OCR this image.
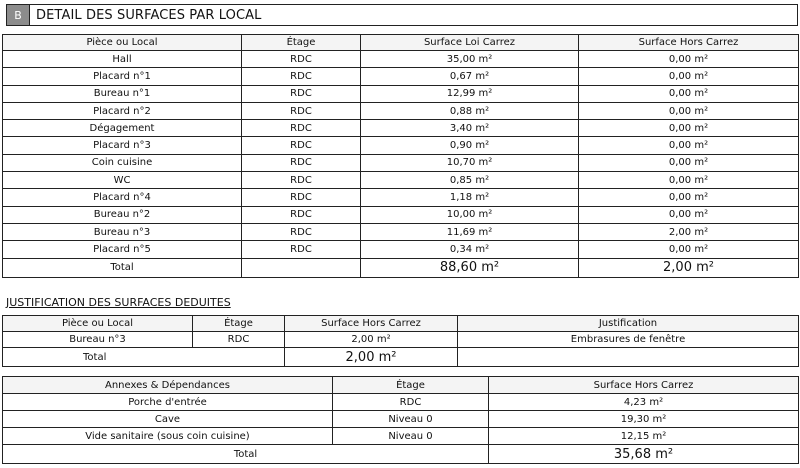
B	DETAIL DES SURFACES PAR LOCAL
Pièce ou Local	Étage	Surface Loi Carrez	Surface Hors Carrez
Hall	RDC	35,00 m²	0,00 m²
Placard n°1	RDC	0,67 m²	0,00 m²
Bureau n°1	RDC	12,99 m²	0,00 m²
Placard n°2	RDC	0,88 m²	0,00 m²
Dégagement	RDC	3,40 m²	0,00 m²
Placard n°3	RDC	0,90 m²	0,00 m²
Coin cuisine	RDC	10,70 m²	0,00 m²
WC	RDC	0,85 m²	0,00 m²
Placard n°4	RDC	1,18 m²	0,00 m²
Bureau n°2	RDC	10,00 m²	0,00 m²
Bureau n°3	RDC	11,69 m²	2,00 m²
Placard n°5	RDC	0,34 m²	0,00 m²
Total		88,60 m²	2,00 m²
JUSTIFICATION DES SURFACES DEDUITES
Pièce ou Local	Étage	Surface Hors Carrez	Justification
Bureau n°3	RDC	2,00 m²	Embrasures de fenêtre
Total		2,00 m²	
Annexes & Dépendances	Étage	Surface Hors Carrez
Porche d'entrée	RDC	4,23 m²
Cave	Niveau 0	19,30 m²
Vide sanitaire (sous coin cuisine)	Niveau 0	12,15 m²
Total		35,68 m²
